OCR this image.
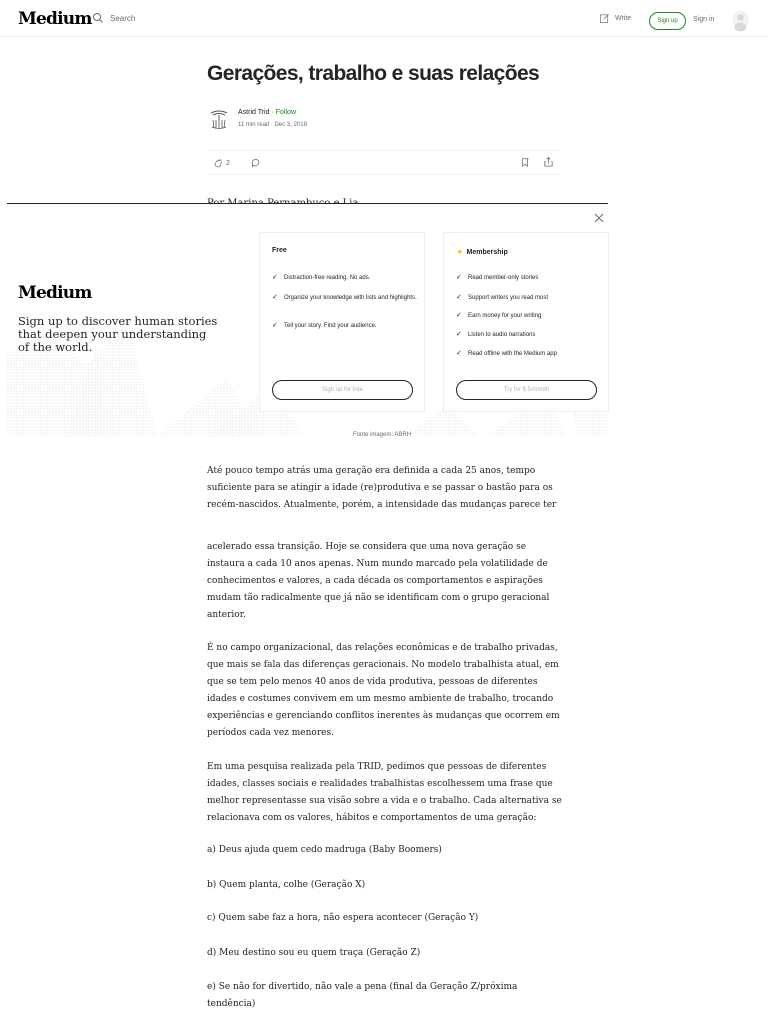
Medium Search	Write	Sign up	Sign in
Gerações, trabalho e suas relações
Astrid Trid · Follow
11 min read · Dec 3, 2018
2
Medium
Sign up to discover human stories that deepen your understanding of the world.
Free
✓ Distraction-free reading. No ads.
✓ Organize your knowledge with lists and highlights.
✓ Tell your story. Find your audience.
Sign up for free
✦ Membership
✓ Read member-only stories
✓ Support writers you read most
✓ Earn money for your writing
✓ Listen to audio narrations
✓ Read offline with the Medium app
Try for $ 5/month
Fonte imagem: ABRH

Até pouco tempo atrás uma geração era definida a cada 25 anos, tempo suficiente para se atingir a idade (re)produtiva e se passar o bastão para os recém-nascidos. Atualmente, porém, a intensidade das mudanças parece ter

acelerado essa transição. Hoje se considera que uma nova geração se instaura a cada 10 anos apenas. Num mundo marcado pela volatilidade de conhecimentos e valores, a cada década os comportamentos e aspirações mudam tão radicalmente que já não se identificam com o grupo geracional anterior.

É no campo organizacional, das relações econômicas e de trabalho privadas, que mais se fala das diferenças geracionais. No modelo trabalhista atual, em que se tem pelo menos 40 anos de vida produtiva, pessoas de diferentes idades e costumes convivem em um mesmo ambiente de trabalho, trocando experiências e gerenciando conflitos inerentes às mudanças que ocorrem em períodos cada vez menores.

Em uma pesquisa realizada pela TRID, pedimos que pessoas de diferentes idades, classes sociais e realidades trabalhistas escolhessem uma frase que melhor representasse sua visão sobre a vida e o trabalho. Cada alternativa se relacionava com os valores, hábitos e comportamentos de uma geração:

a) Deus ajuda quem cedo madruga (Baby Boomers)

b) Quem planta, colhe (Geração X)

c) Quem sabe faz a hora, não espera acontecer (Geração Y)

d) Meu destino sou eu quem traça (Geração Z)

e) Se não for divertido, não vale a pena (final da Geração Z/próxima tendência)
